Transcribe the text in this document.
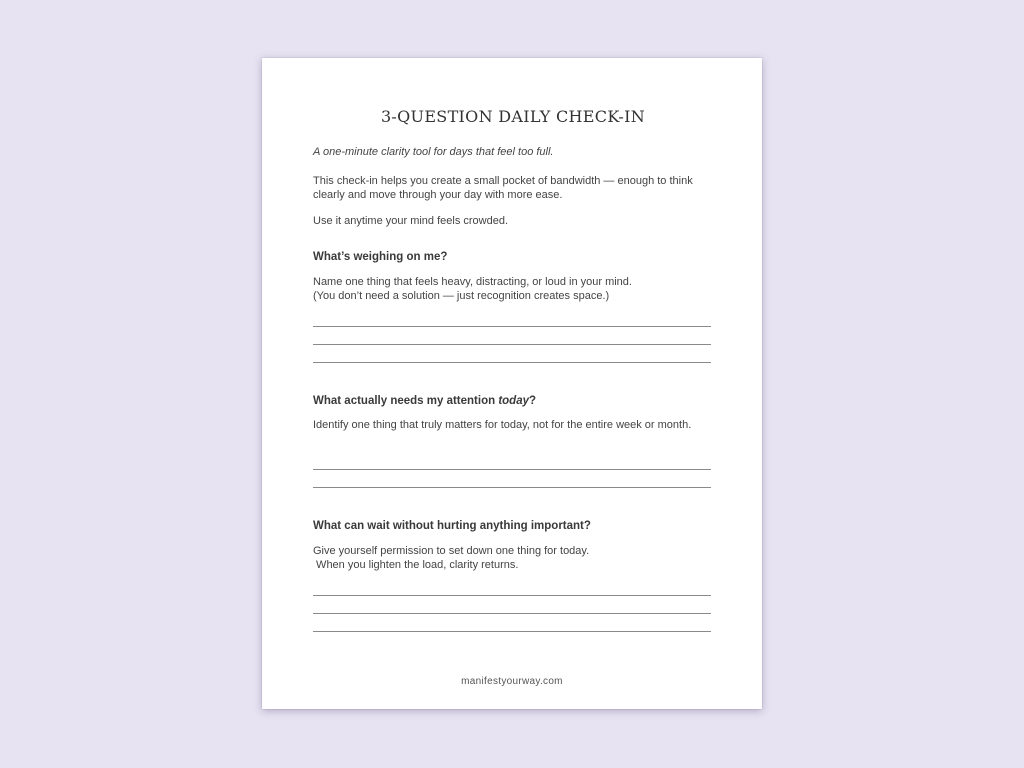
3-QUESTION DAILY CHECK-IN

A one-minute clarity tool for days that feel too full.

This check-in helps you create a small pocket of bandwidth — enough to think clearly and move through your day with more ease.

Use it anytime your mind feels crowded.

What’s weighing on me?

Name one thing that feels heavy, distracting, or loud in your mind.
(You don’t need a solution — just recognition creates space.)

What actually needs my attention today?

Identify one thing that truly matters for today, not for the entire week or month.

What can wait without hurting anything important?

Give yourself permission to set down one thing for today.
When you lighten the load, clarity returns.

manifestyourway.com
